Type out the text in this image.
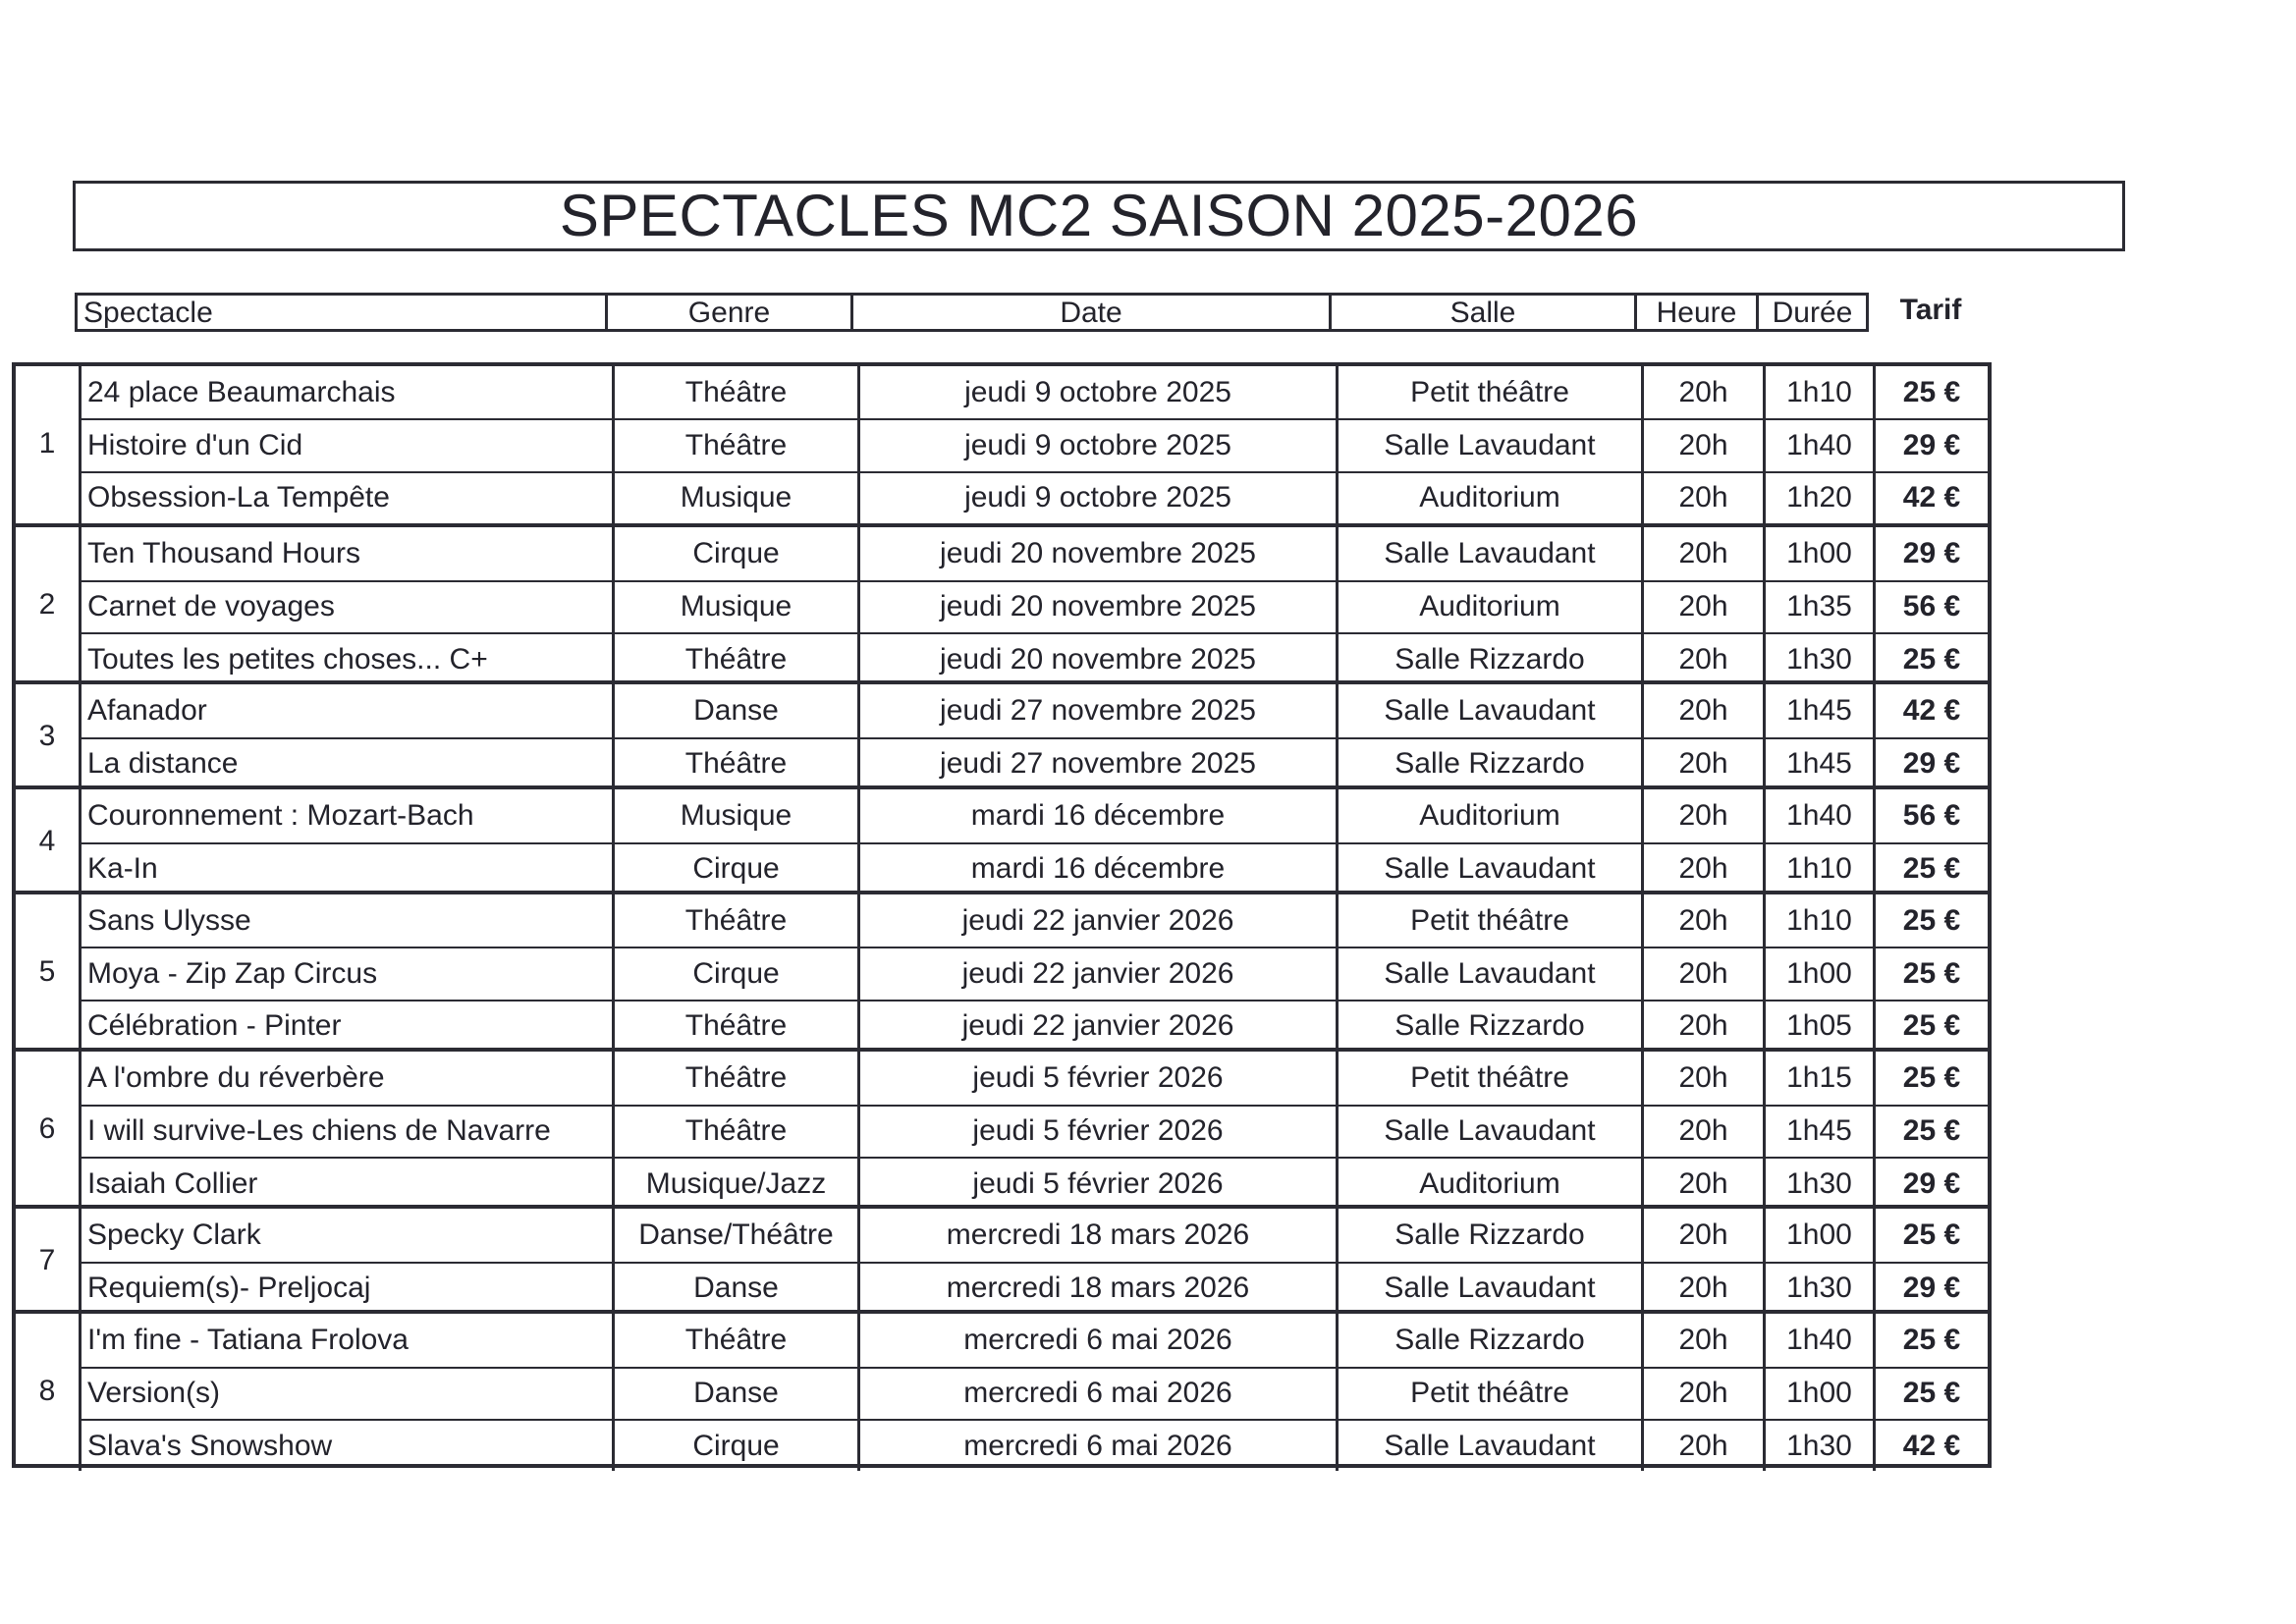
SPECTACLES MC2 SAISON 2025-2026
Spectacle	Genre	Date	Salle	Heure	Durée	Tarif
1
24 place Beaumarchais	Théâtre	jeudi 9 octobre 2025	Petit théâtre	20h	1h10	25 €
Histoire d'un Cid	Théâtre	jeudi 9 octobre 2025	Salle Lavaudant	20h	1h40	29 €
Obsession-La Tempête	Musique	jeudi 9 octobre 2025	Auditorium	20h	1h20	42 €
2
Ten Thousand Hours	Cirque	jeudi 20 novembre 2025	Salle Lavaudant	20h	1h00	29 €
Carnet de voyages	Musique	jeudi 20 novembre 2025	Auditorium	20h	1h35	56 €
Toutes les petites choses... C+	Théâtre	jeudi 20 novembre 2025	Salle Rizzardo	20h	1h30	25 €
3
Afanador	Danse	jeudi 27 novembre 2025	Salle Lavaudant	20h	1h45	42 €
La distance	Théâtre	jeudi 27 novembre 2025	Salle Rizzardo	20h	1h45	29 €
4
Couronnement : Mozart-Bach	Musique	mardi 16 décembre	Auditorium	20h	1h40	56 €
Ka-In	Cirque	mardi 16 décembre	Salle Lavaudant	20h	1h10	25 €
5
Sans Ulysse	Théâtre	jeudi 22 janvier 2026	Petit théâtre	20h	1h10	25 €
Moya - Zip Zap Circus	Cirque	jeudi 22 janvier 2026	Salle Lavaudant	20h	1h00	25 €
Célébration - Pinter	Théâtre	jeudi 22 janvier 2026	Salle Rizzardo	20h	1h05	25 €
6
A l'ombre du réverbère	Théâtre	jeudi 5 février 2026	Petit théâtre	20h	1h15	25 €
I will survive-Les chiens de Navarre	Théâtre	jeudi 5 février 2026	Salle Lavaudant	20h	1h45	25 €
Isaiah Collier	Musique/Jazz	jeudi 5 février 2026	Auditorium	20h	1h30	29 €
7
Specky Clark	Danse/Théâtre	mercredi 18 mars 2026	Salle Rizzardo	20h	1h00	25 €
Requiem(s)- Preljocaj	Danse	mercredi 18 mars 2026	Salle Lavaudant	20h	1h30	29 €
8
I'm fine - Tatiana Frolova	Théâtre	mercredi 6 mai 2026	Salle Rizzardo	20h	1h40	25 €
Version(s)	Danse	mercredi 6 mai 2026	Petit théâtre	20h	1h00	25 €
Slava's Snowshow	Cirque	mercredi 6 mai 2026	Salle Lavaudant	20h	1h30	42 €
